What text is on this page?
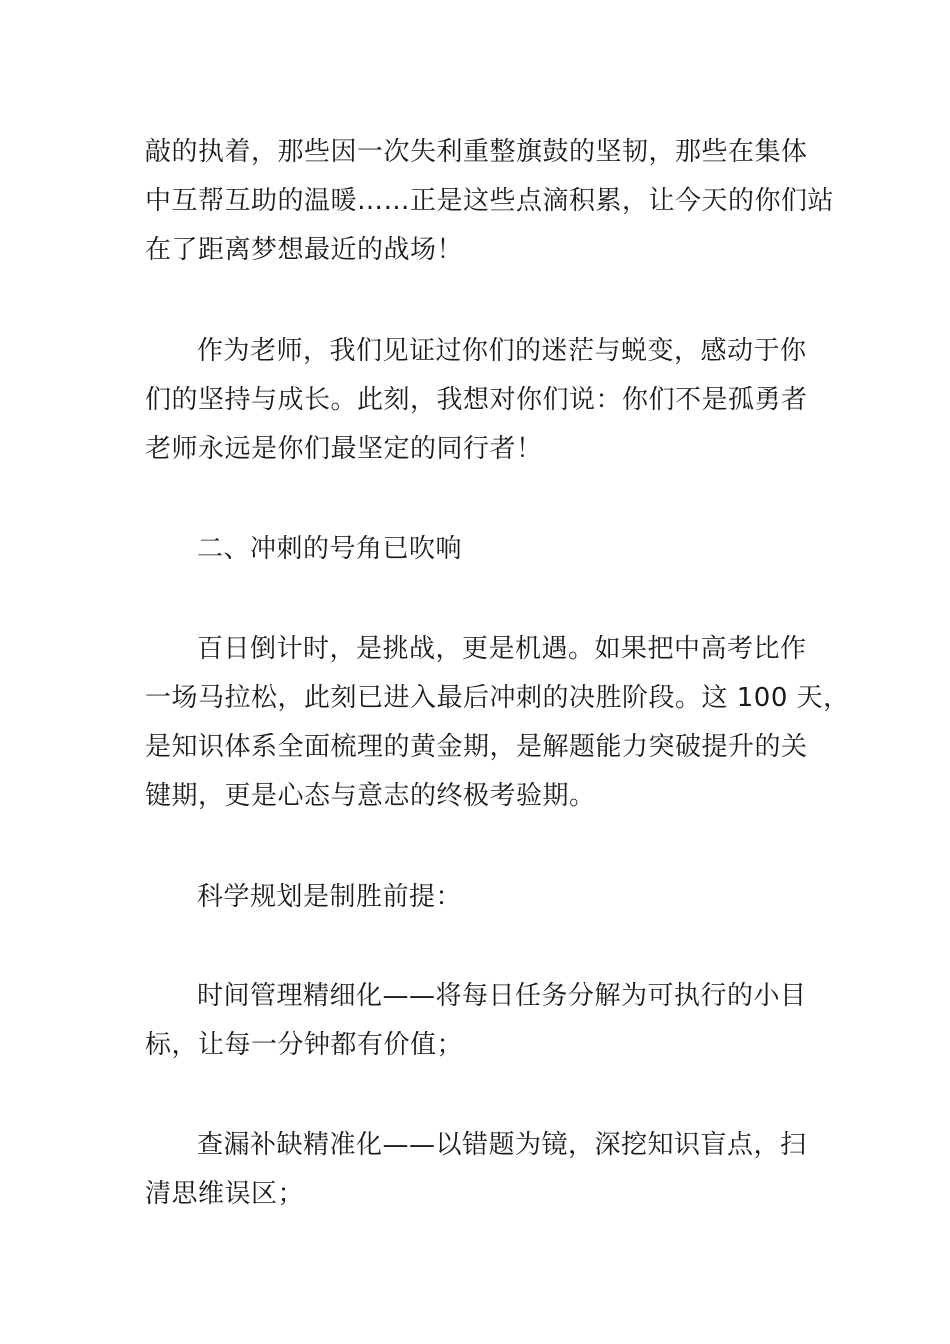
敲的执着，那些因一次失利重整旗鼓的坚韧，那些在集体
中互帮互助的温暖……正是这些点滴积累，让今天的你们站
在了距离梦想最近的战场！
作为老师，我们见证过你们的迷茫与蜕变，感动于你
们的坚持与成长。此刻，我想对你们说：你们不是孤勇者
老师永远是你们最坚定的同行者！
二、冲刺的号角已吹响
百日倒计时，是挑战，更是机遇。如果把中高考比作
一场马拉松，此刻已进入最后冲刺的决胜阶段。这 100 天，
是知识体系全面梳理的黄金期，是解题能力突破提升的关
键期，更是心态与意志的终极考验期。
科学规划是制胜前提：
时间管理精细化——将每日任务分解为可执行的小目
标，让每一分钟都有价值；
查漏补缺精准化——以错题为镜，深挖知识盲点，扫
清思维误区；
